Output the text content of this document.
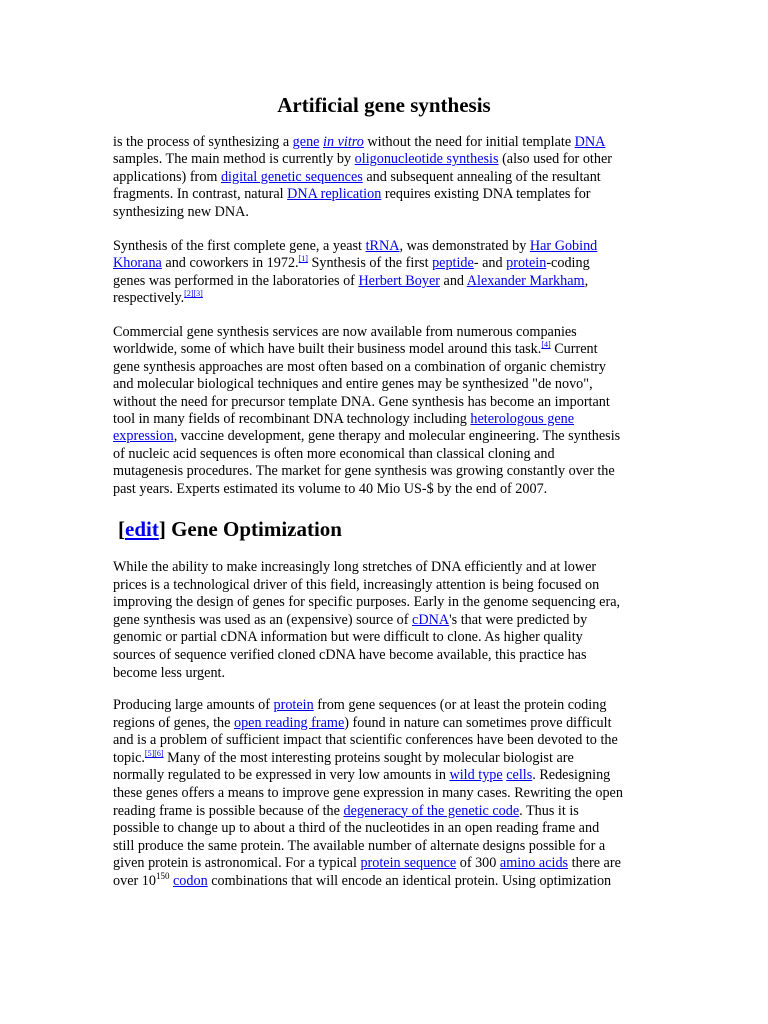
Artificial gene synthesis
is the process of synthesizing a gene in vitro without the need for initial template DNA
samples. The main method is currently by oligonucleotide synthesis (also used for other
applications) from digital genetic sequences and subsequent annealing of the resultant
fragments. In contrast, natural DNA replication requires existing DNA templates for
synthesizing new DNA.
Synthesis of the first complete gene, a yeast tRNA, was demonstrated by Har Gobind
Khorana and coworkers in 1972.[1] Synthesis of the first peptide- and protein-coding
genes was performed in the laboratories of Herbert Boyer and Alexander Markham,
respectively.[2][3]
Commercial gene synthesis services are now available from numerous companies
worldwide, some of which have built their business model around this task.[4] Current
gene synthesis approaches are most often based on a combination of organic chemistry
and molecular biological techniques and entire genes may be synthesized "de novo",
without the need for precursor template DNA. Gene synthesis has become an important
tool in many fields of recombinant DNA technology including heterologous gene
expression, vaccine development, gene therapy and molecular engineering. The synthesis
of nucleic acid sequences is often more economical than classical cloning and
mutagenesis procedures. The market for gene synthesis was growing constantly over the
past years. Experts estimated its volume to 40 Mio US-$ by the end of 2007.
[edit] Gene Optimization
While the ability to make increasingly long stretches of DNA efficiently and at lower
prices is a technological driver of this field, increasingly attention is being focused on
improving the design of genes for specific purposes. Early in the genome sequencing era,
gene synthesis was used as an (expensive) source of cDNA's that were predicted by
genomic or partial cDNA information but were difficult to clone. As higher quality
sources of sequence verified cloned cDNA have become available, this practice has
become less urgent.
Producing large amounts of protein from gene sequences (or at least the protein coding
regions of genes, the open reading frame) found in nature can sometimes prove difficult
and is a problem of sufficient impact that scientific conferences have been devoted to the
topic.[5][6] Many of the most interesting proteins sought by molecular biologist are
normally regulated to be expressed in very low amounts in wild type cells. Redesigning
these genes offers a means to improve gene expression in many cases. Rewriting the open
reading frame is possible because of the degeneracy of the genetic code. Thus it is
possible to change up to about a third of the nucleotides in an open reading frame and
still produce the same protein. The available number of alternate designs possible for a
given protein is astronomical. For a typical protein sequence of 300 amino acids there are
over $10^{150}$ codon combinations that will encode an identical protein. Using optimization
